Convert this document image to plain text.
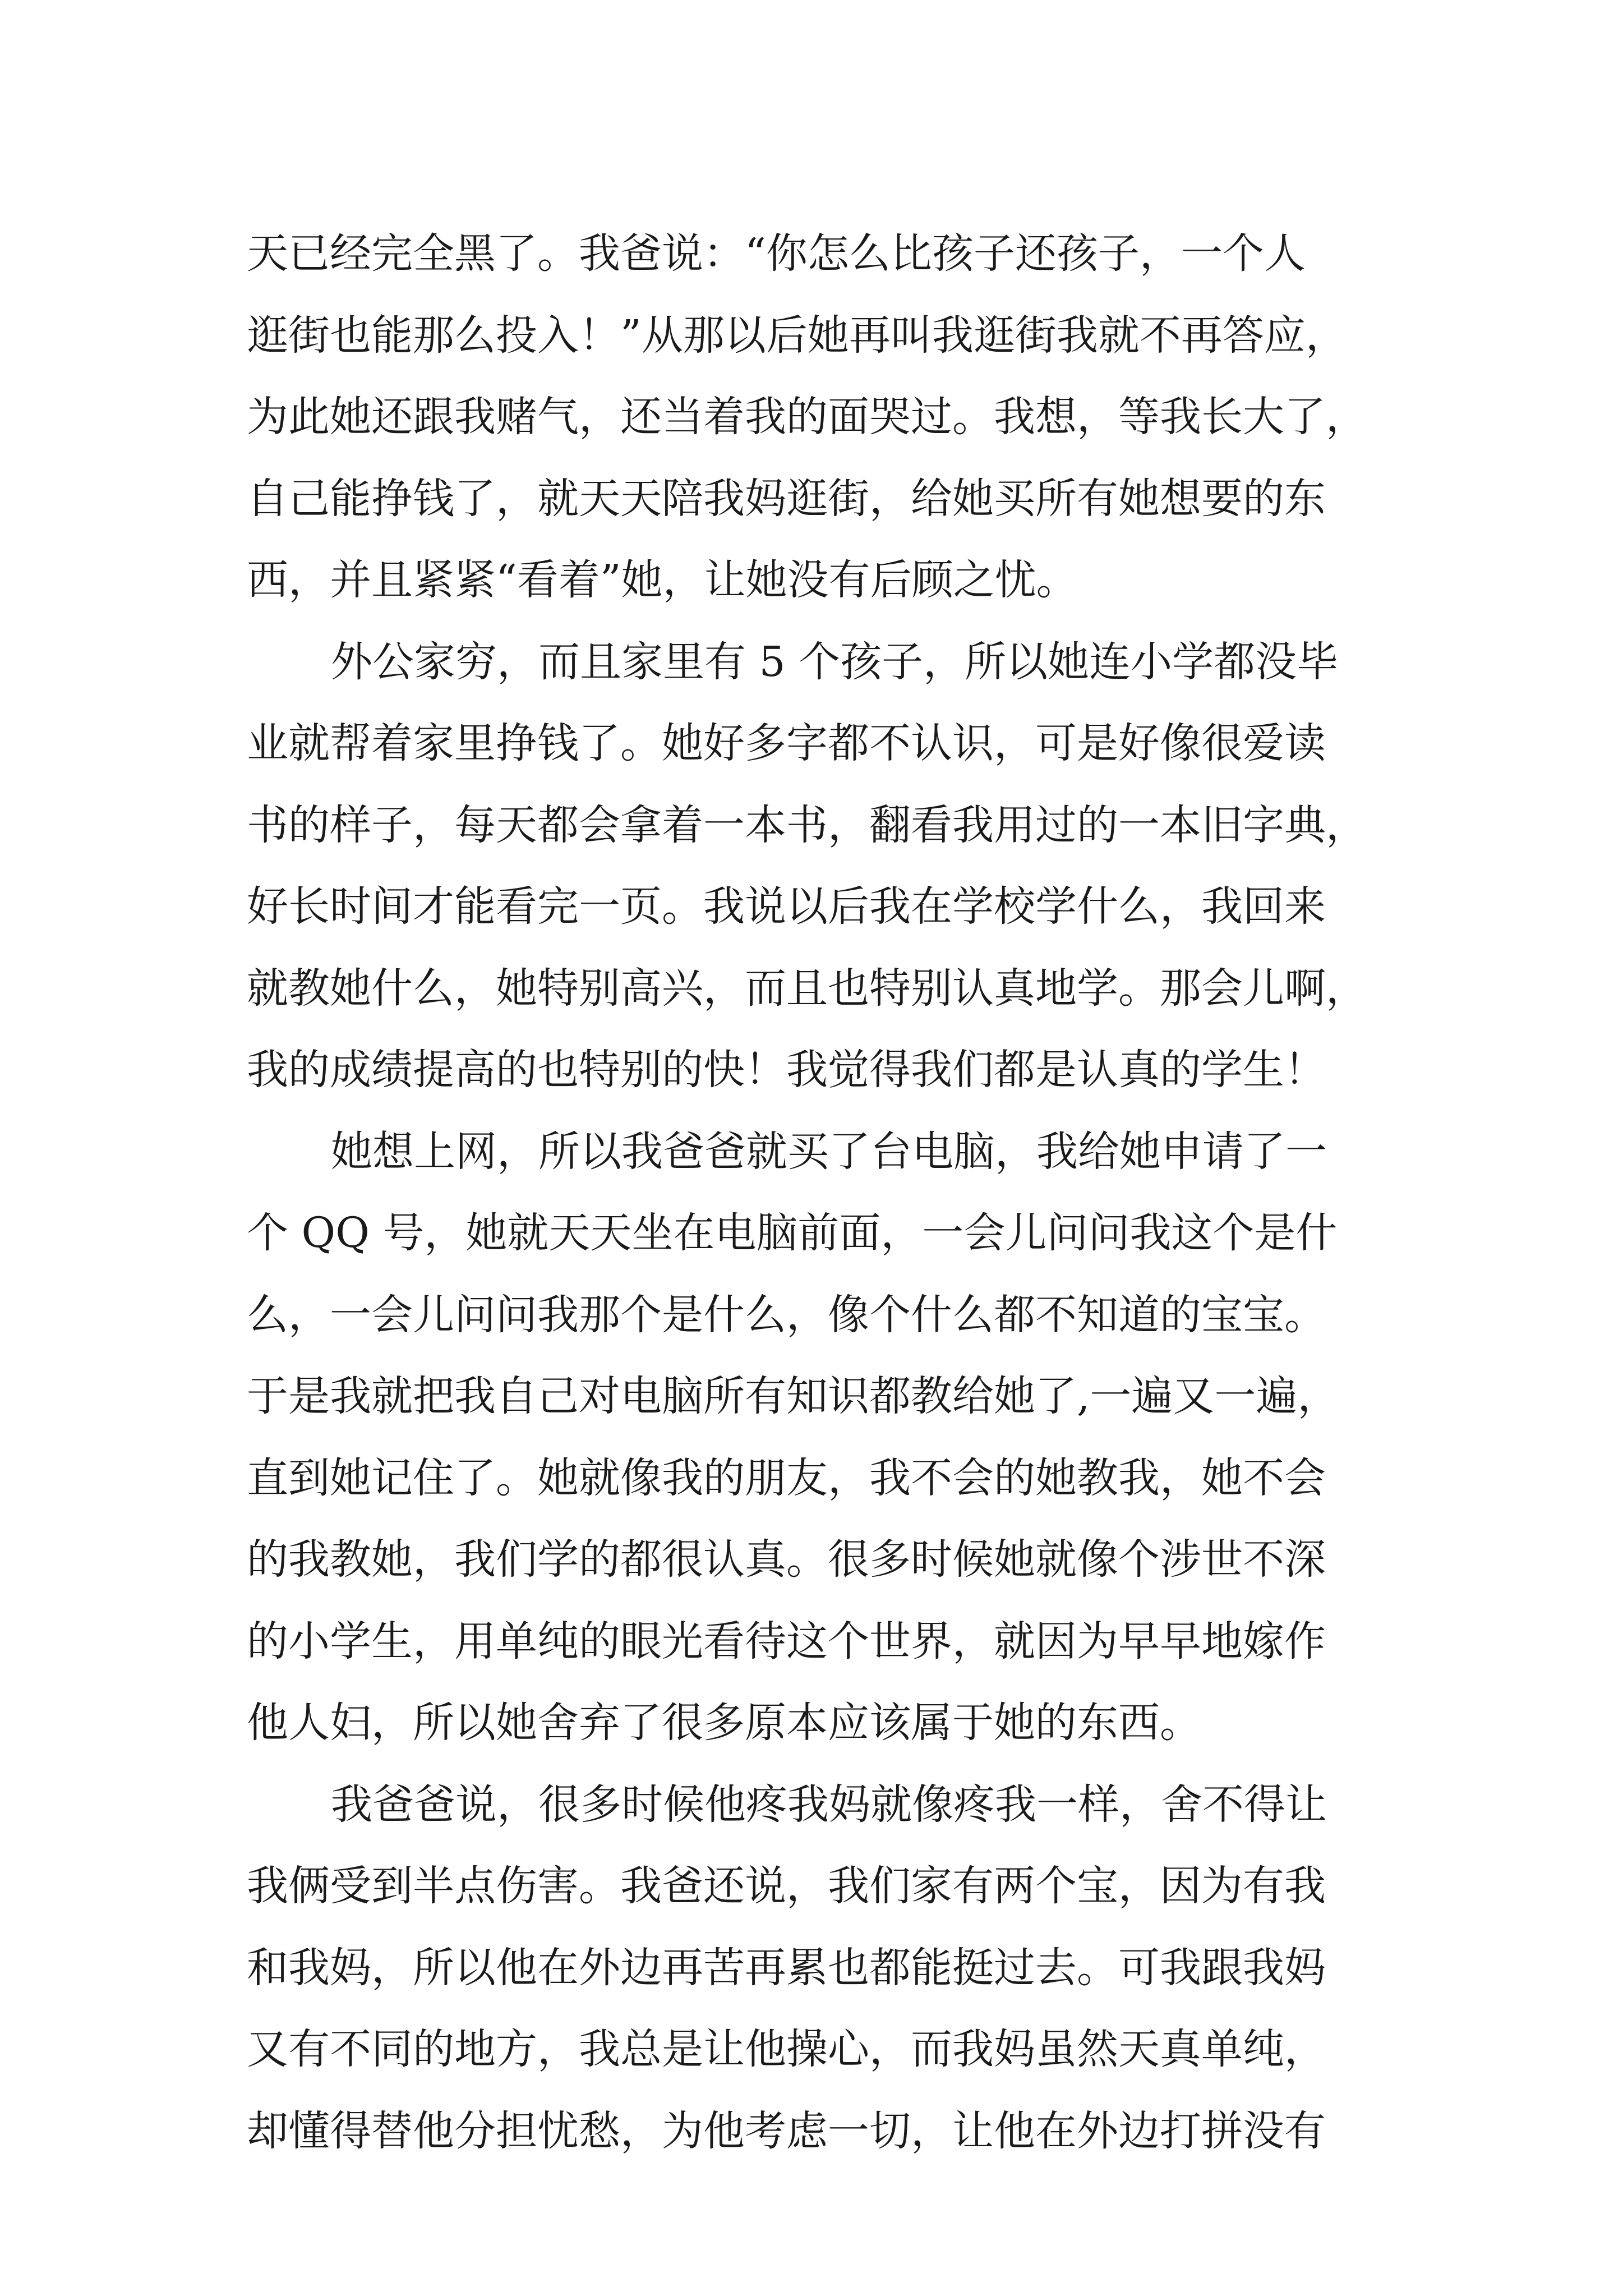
天已经完全黑了。我爸说：“你怎么比孩子还孩子，一个人
逛街也能那么投入！”从那以后她再叫我逛街我就不再答应，
为此她还跟我赌气，还当着我的面哭过。我想，等我长大了，
自己能挣钱了，就天天陪我妈逛街，给她买所有她想要的东
西，并且紧紧“看着”她，让她没有后顾之忧。
外公家穷，而且家里有 5 个孩子，所以她连小学都没毕
业就帮着家里挣钱了。她好多字都不认识，可是好像很爱读
书的样子，每天都会拿着一本书，翻看我用过的一本旧字典，
好长时间才能看完一页。我说以后我在学校学什么，我回来
就教她什么，她特别高兴，而且也特别认真地学。那会儿啊，
我的成绩提高的也特别的快！我觉得我们都是认真的学生！
她想上网，所以我爸爸就买了台电脑，我给她申请了一
个 QQ 号，她就天天坐在电脑前面，一会儿问问我这个是什
么，一会儿问问我那个是什么，像个什么都不知道的宝宝。
于是我就把我自己对电脑所有知识都教给她了,一遍又一遍，
直到她记住了。她就像我的朋友，我不会的她教我，她不会
的我教她，我们学的都很认真。很多时候她就像个涉世不深
的小学生，用单纯的眼光看待这个世界，就因为早早地嫁作
他人妇，所以她舍弃了很多原本应该属于她的东西。
我爸爸说，很多时候他疼我妈就像疼我一样，舍不得让
我俩受到半点伤害。我爸还说，我们家有两个宝，因为有我
和我妈，所以他在外边再苦再累也都能挺过去。可我跟我妈
又有不同的地方，我总是让他操心，而我妈虽然天真单纯，
却懂得替他分担忧愁，为他考虑一切，让他在外边打拼没有
